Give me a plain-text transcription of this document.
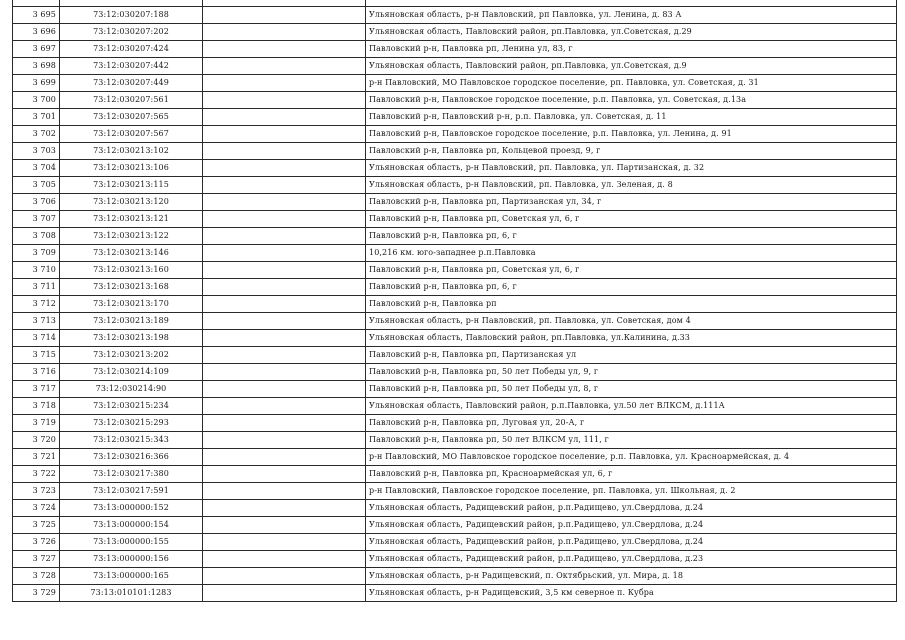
3 695	73:12:030207:188		Ульяновская область, р-н Павловский, рп Павловка, ул. Ленина, д. 83 А
3 696	73:12:030207:202		Ульяновская область, Павловский район, рп.Павловка, ул.Советская, д.29
3 697	73:12:030207:424		Павловский р-н, Павловка рп, Ленина ул, 83, г
3 698	73:12:030207:442		Ульяновская область, Павловский район, рп.Павловка, ул.Советская, д.9
3 699	73:12:030207:449		р-н Павловский, МО Павловское городское поселение, рп. Павловка, ул. Советская, д. 31
3 700	73:12:030207:561		Павловский р-н, Павловское городское поселение, р.п. Павловка, ул. Советская, д.13а
3 701	73:12:030207:565		Павловский р-н, Павловский р-н, р.п. Павловка, ул. Советская, д. 11
3 702	73:12:030207:567		Павловский р-н, Павловское городское поселение, р.п. Павловка, ул. Ленина, д. 91
3 703	73:12:030213:102		Павловский р-н, Павловка рп, Кольцевой проезд, 9, г
3 704	73:12:030213:106		Ульяновская область, р-н Павловский, рп. Павловка, ул. Партизанская, д. 32
3 705	73:12:030213:115		Ульяновская область, р-н Павловский, рп. Павловка, ул. Зеленая, д. 8
3 706	73:12:030213:120		Павловский р-н, Павловка рп, Партизанская ул, 34, г
3 707	73:12:030213:121		Павловский р-н, Павловка рп, Советская ул, 6, г
3 708	73:12:030213:122		Павловский р-н, Павловка рп, 6, г
3 709	73:12:030213:146		10,216 км. юго-западнее р.п.Павловка
3 710	73:12:030213:160		Павловский р-н, Павловка рп, Советская ул, 6, г
3 711	73:12:030213:168		Павловский р-н, Павловка рп, 6, г
3 712	73:12:030213:170		Павловский р-н, Павловка рп
3 713	73:12:030213:189		Ульяновская область, р-н Павловский, рп. Павловка, ул. Советская, дом 4
3 714	73:12:030213:198		Ульяновская область, Павловский район, рп.Павловка, ул.Калинина, д.33
3 715	73:12:030213:202		Павловский р-н, Павловка рп, Партизанская ул
3 716	73:12:030214:109		Павловский р-н, Павловка рп, 50 лет Победы ул, 9, г
3 717	73:12:030214:90		Павловский р-н, Павловка рп, 50 лет Победы ул, 8, г
3 718	73:12:030215:234		Ульяновская область, Павловский район, р.п.Павловка, ул.50 лет ВЛКСМ, д.111А
3 719	73:12:030215:293		Павловский р-н, Павловка рп, Луговая ул, 20-А, г
3 720	73:12:030215:343		Павловский р-н, Павловка рп, 50 лет ВЛКСМ ул, 111, г
3 721	73:12:030216:366		р-н Павловский, МО Павловское городское поселение, р.п. Павловка, ул. Красноармейская, д. 4
3 722	73:12:030217:380		Павловский р-н, Павловка рп, Красноармейская ул, 6, г
3 723	73:12:030217:591		р-н Павловский, Павловское городское поселение, рп. Павловка, ул. Школьная, д. 2
3 724	73:13:000000:152		Ульяновская область, Радищевский район, р.п.Радищево, ул.Свердлова, д.24
3 725	73:13:000000:154		Ульяновская область, Радищевский район, р.п.Радищево, ул.Свердлова, д.24
3 726	73:13:000000:155		Ульяновская область, Радищевский район, р.п.Радищево, ул.Свердлова, д.24
3 727	73:13:000000:156		Ульяновская область, Радищевский район, р.п.Радищево, ул.Свердлова, д.23
3 728	73:13:000000:165		Ульяновская область, р-н Радищевский, п. Октябрьский, ул. Мира, д. 18
3 729	73:13:010101:1283		Ульяновская область, р-н Радищевский, 3,5 км северное п. Кубра
